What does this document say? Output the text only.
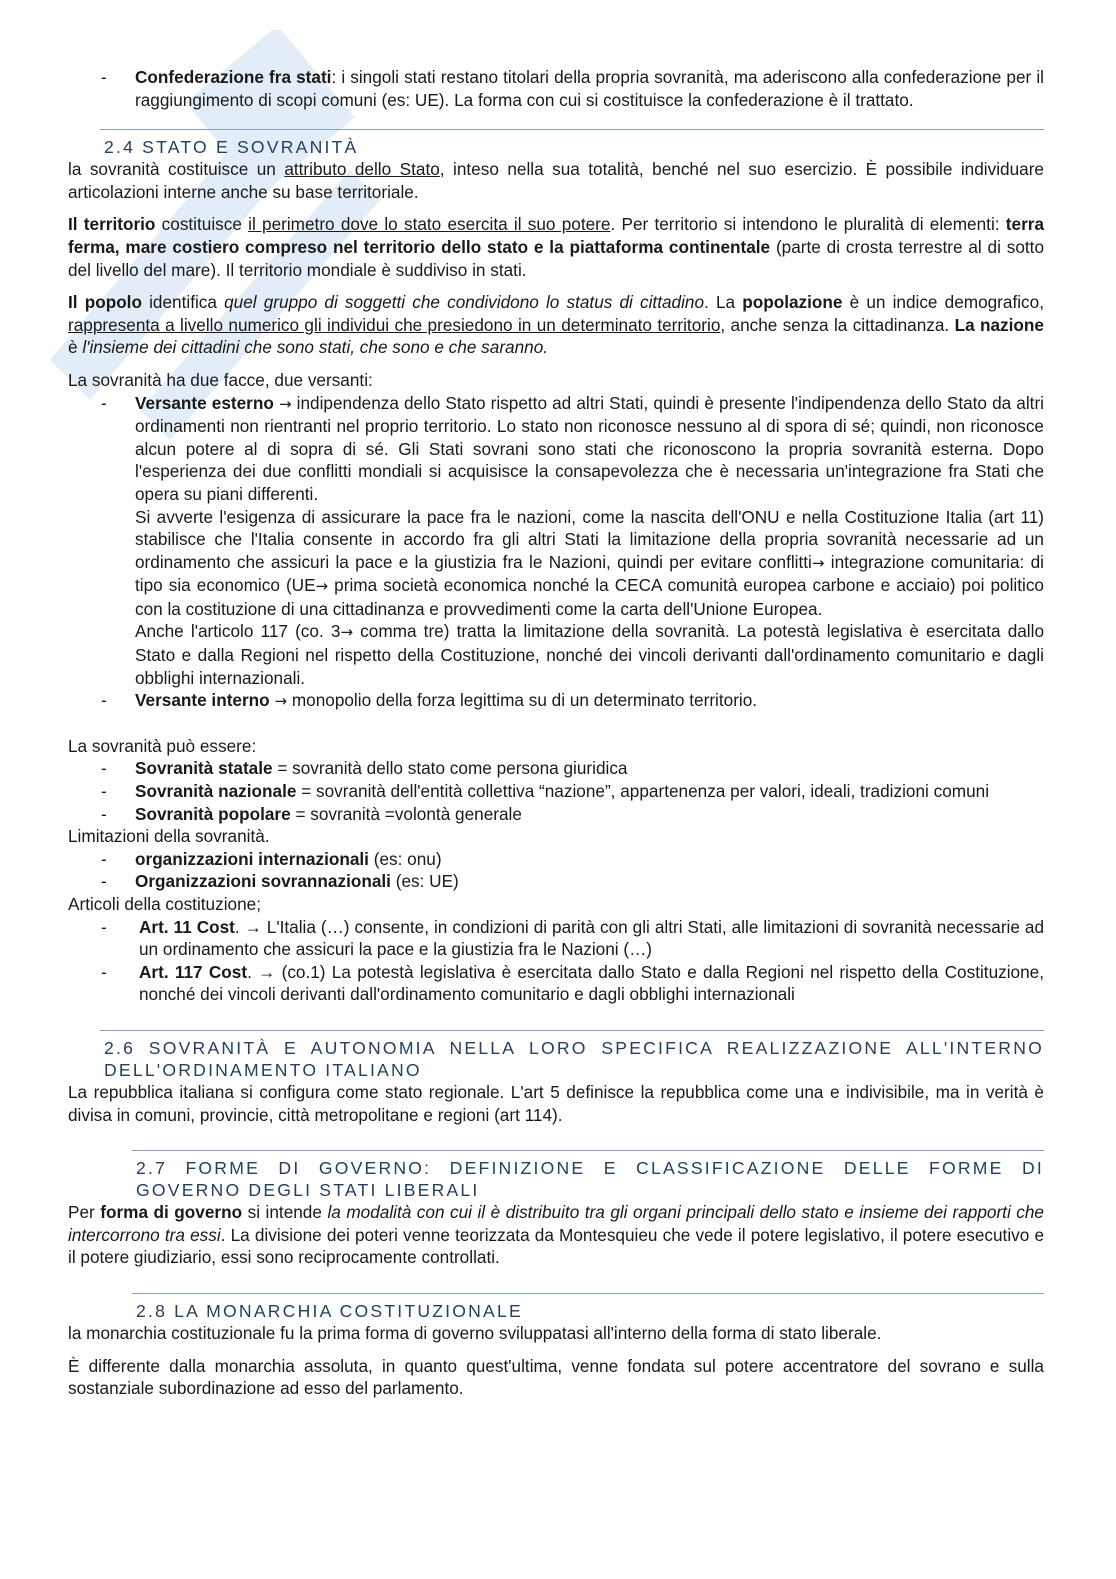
- Confederazione fra stati: i singoli stati restano titolari della propria sovranità, ma aderiscono alla confederazione per il raggiungimento di scopi comuni (es: UE). La forma con cui si costituisce la confederazione è il trattato.
2.4 STATO E SOVRANITÀ

la sovranità costituisce un attributo dello Stato, inteso nella sua totalità, benché nel suo esercizio. È possibile individuare articolazioni interne anche su base territoriale.

Il territorio costituisce il perimetro dove lo stato esercita il suo potere. Per territorio si intendono le pluralità di elementi: terra ferma, mare costiero compreso nel territorio dello stato e la piattaforma continentale (parte di crosta terrestre al di sotto del livello del mare). Il territorio mondiale è suddiviso in stati.

Il popolo identifica quel gruppo di soggetti che condividono lo status di cittadino. La popolazione è un indice demografico, rappresenta a livello numerico gli individui che presiedono in un determinato territorio, anche senza la cittadinanza. La nazione è l'insieme dei cittadini che sono stati, che sono e che saranno.

La sovranità ha due facce, due versanti:

- Versante esterno → indipendenza dello Stato rispetto ad altri Stati, quindi è presente l'indipendenza dello Stato da altri ordinamenti non rientranti nel proprio territorio. Lo stato non riconosce nessuno al di spora di sé; quindi, non riconosce alcun potere al di sopra di sé. Gli Stati sovrani sono stati che riconoscono la propria sovranità esterna. Dopo l'esperienza dei due conflitti mondiali si acquisisce la consapevolezza che è necessaria un'integrazione fra Stati che opera su piani differenti.
Si avverte l'esigenza di assicurare la pace fra le nazioni, come la nascita dell'ONU e nella Costituzione Italia (art 11) stabilisce che l'Italia consente in accordo fra gli altri Stati la limitazione della propria sovranità necessarie ad un ordinamento che assicuri la pace e la giustizia fra le Nazioni, quindi per evitare conflitti→ integrazione comunitaria: di tipo sia economico (UE→ prima società economica nonché la CECA comunità europea carbone e acciaio) poi politico con la costituzione di una cittadinanza e provvedimenti come la carta dell'Unione Europea.
Anche l'articolo 117 (co. 3→ comma tre) tratta la limitazione della sovranità. La potestà legislativa è esercitata dallo Stato e dalla Regioni nel rispetto della Costituzione, nonché dei vincoli derivanti dall'ordinamento comunitario e dagli obblighi internazionali.
- Versante interno → monopolio della forza legittima su di un determinato territorio.

La sovranità può essere:

- Sovranità statale = sovranità dello stato come persona giuridica
- Sovranità nazionale = sovranità dell'entità collettiva “nazione”, appartenenza per valori, ideali, tradizioni comuni
- Sovranità popolare = sovranità =volontà generale

Limitazioni della sovranità.

- organizzazioni internazionali (es: onu)
- Organizzazioni sovrannazionali (es: UE)

Articoli della costituzione;

- Art. 11 Cost. → L'Italia (…) consente, in condizioni di parità con gli altri Stati, alle limitazioni di sovranità necessarie ad un ordinamento che assicuri la pace e la giustizia fra le Nazioni (…)
- Art. 117 Cost. → (co.1) La potestà legislativa è esercitata dallo Stato e dalla Regioni nel rispetto della Costituzione, nonché dei vincoli derivanti dall'ordinamento comunitario e dagli obblighi internazionali
2.6 SOVRANITÀ E AUTONOMIA NELLA LORO SPECIFICA REALIZZAZIONE ALL'INTERNO DELL'ORDINAMENTO ITALIANO

La repubblica italiana si configura come stato regionale. L'art 5 definisce la repubblica come una e indivisibile, ma in verità è divisa in comuni, provincie, città metropolitane e regioni (art 114).

2.7 FORME DI GOVERNO: DEFINIZIONE E CLASSIFICAZIONE DELLE FORME DI GOVERNO DEGLI STATI LIBERALI

Per forma di governo si intende la modalità con cui il è distribuito tra gli organi principali dello stato e insieme dei rapporti che intercorrono tra essi. La divisione dei poteri venne teorizzata da Montesquieu che vede il potere legislativo, il potere esecutivo e il potere giudiziario, essi sono reciprocamente controllati.

2.8 LA MONARCHIA COSTITUZIONALE

la monarchia costituzionale fu la prima forma di governo sviluppatasi all'interno della forma di stato liberale.

È differente dalla monarchia assoluta, in quanto quest'ultima, venne fondata sul potere accentratore del sovrano e sulla sostanziale subordinazione ad esso del parlamento.
